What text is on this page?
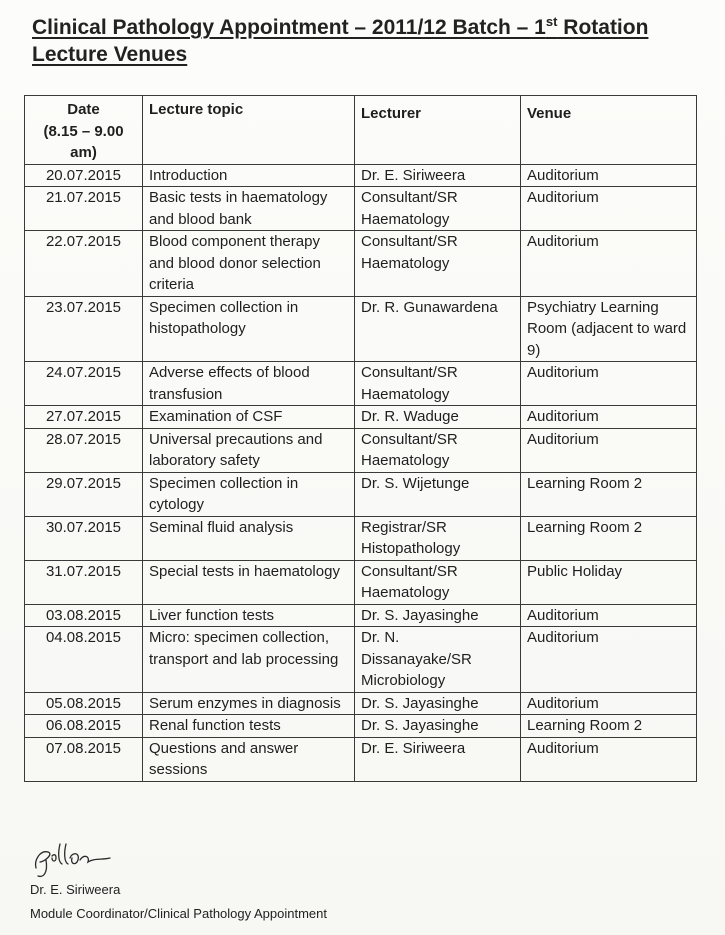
Clinical Pathology Appointment – 2011/12 Batch – 1st Rotation
Lecture Venues
Date
(8.15 – 9.00
am)	Lecture topic	Lecturer	Venue
20.07.2015	Introduction	Dr. E. Siriweera	Auditorium
21.07.2015	Basic tests in haematology and blood bank	Consultant/SR Haematology	Auditorium
22.07.2015	Blood component therapy and blood donor selection criteria	Consultant/SR Haematology	Auditorium
23.07.2015	Specimen collection in histopathology	Dr. R. Gunawardena	Psychiatry Learning Room (adjacent to ward 9)
24.07.2015	Adverse effects of blood transfusion	Consultant/SR Haematology	Auditorium
27.07.2015	Examination of CSF	Dr. R. Waduge	Auditorium
28.07.2015	Universal precautions and laboratory safety	Consultant/SR Haematology	Auditorium
29.07.2015	Specimen collection in cytology	Dr. S. Wijetunge	Learning Room 2
30.07.2015	Seminal fluid analysis	Registrar/SR Histopathology	Learning Room 2
31.07.2015	Special tests in haematology	Consultant/SR Haematology	Public Holiday
03.08.2015	Liver function tests	Dr. S. Jayasinghe	Auditorium
04.08.2015	Micro: specimen collection, transport and lab processing	Dr. N. Dissanayake/SR Microbiology	Auditorium
05.08.2015	Serum enzymes in diagnosis	Dr. S. Jayasinghe	Auditorium
06.08.2015	Renal function tests	Dr. S. Jayasinghe	Learning Room 2
07.08.2015	Questions and answer sessions	Dr. E. Siriweera	Auditorium
Dr. E. Siriweera
Module Coordinator/Clinical Pathology Appointment
